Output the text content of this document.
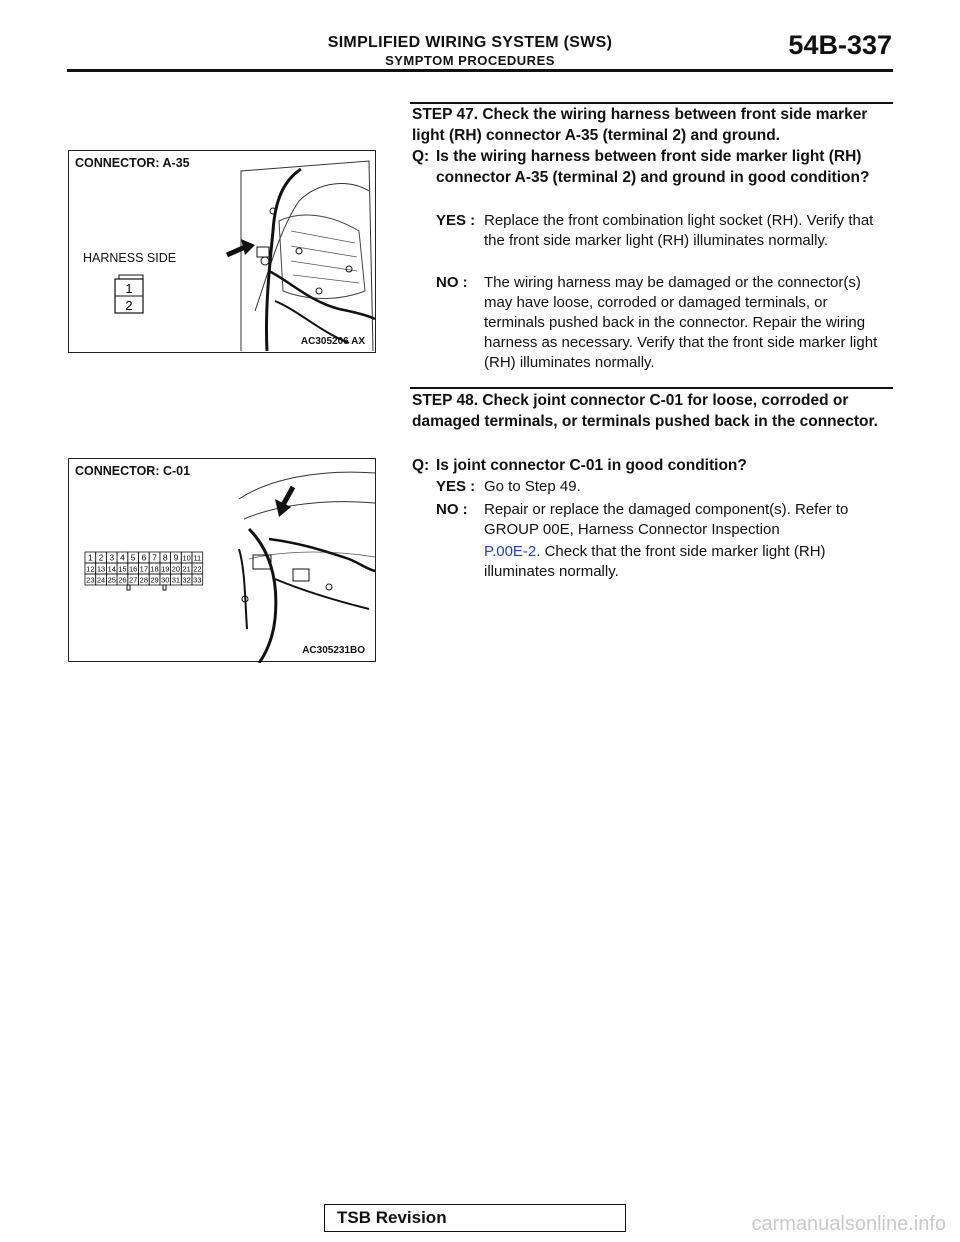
SIMPLIFIED WIRING SYSTEM (SWS)
SYMPTOM PROCEDURES
54B-337
1
2
CONNECTOR: A-35
HARNESS SIDE
AC305206 AX
1 2 3 4 5 6 7 8 9 10 11
12 13 14 15 16 17 18 19 20 21 22
23 24 25 26 27 28 29 30 31 32 33
CONNECTOR: C-01
AC305231BO
STEP 47. Check the wiring harness between front side marker light (RH) connector A-35 (terminal 2) and ground.
Q: Is the wiring harness between front side marker light (RH) connector A-35 (terminal 2) and ground in good condition?
YES : Replace the front combination light socket (RH). Verify that the front side marker light (RH) illuminates normally.
NO :	The wiring harness may be damaged or the connector(s) may have loose, corroded or damaged terminals, or terminals pushed back in the connector. Repair the wiring harness as necessary. Verify that the front side marker light (RH) illuminates normally.
STEP 48. Check joint connector C-01 for loose, corroded or damaged terminals, or terminals pushed back in the connector.
Q: Is joint connector C-01 in good condition?
YES : Go to Step 49.
NO :	Repair or replace the damaged component(s). Refer to GROUP 00E, Harness Connector Inspection
P.00E-2. Check that the front side marker light (RH) illuminates normally.
TSB Revision	carmanualsonline.info
